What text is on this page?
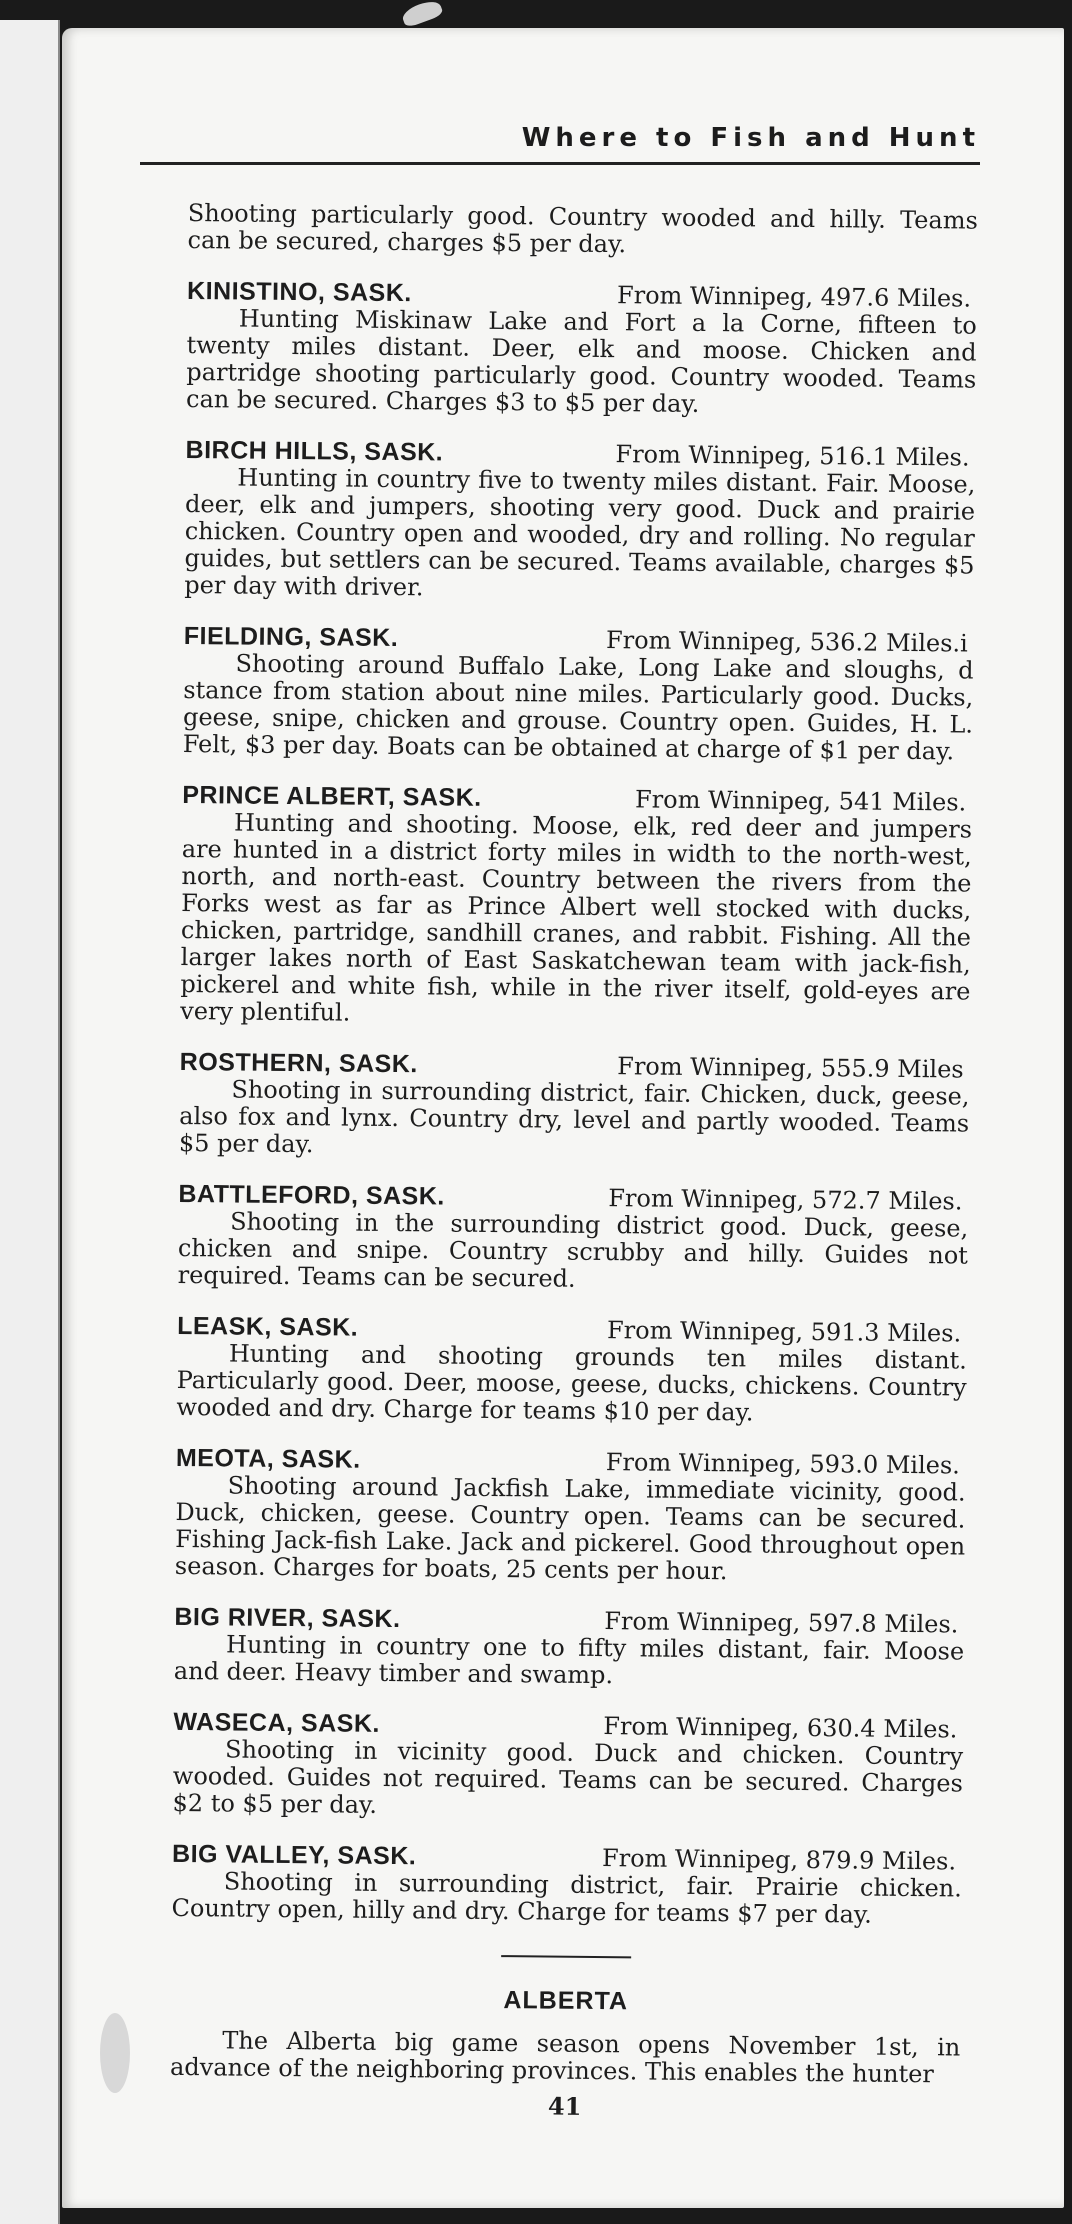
Where to Fish and Hunt

Shooting particularly good. Country wooded and hilly. Teams can be secured, charges $5 per day.

KINISTINO, SASK.	From Winnipeg, 497.6 Miles.

Hunting Miskinaw Lake and Fort a la Corne, fifteen to twenty miles distant. Deer, elk and moose. Chicken and partridge shooting particularly good. Country wooded. Teams can be secured. Charges $3 to $5 per day.

BIRCH HILLS, SASK.	From Winnipeg, 516.1 Miles.

Hunting in country five to twenty miles distant. Fair. Moose, deer, elk and jumpers, shooting very good. Duck and prairie chicken. Country open and wooded, dry and rolling. No regular guides, but settlers can be secured. Teams available, charges $5 per day with driver.

FIELDING, SASK.	From Winnipeg, 536.2 Miles.i

Shooting around Buffalo Lake, Long Lake and sloughs, d stance from station about nine miles. Particularly good. Ducks, geese, snipe, chicken and grouse. Country open. Guides, H. L. Felt, $3 per day. Boats can be obtained at charge of $1 per day.

PRINCE ALBERT, SASK.	From Winnipeg, 541 Miles.

Hunting and shooting. Moose, elk, red deer and jumpers are hunted in a district forty miles in width to the north-west, north, and north-east. Country between the rivers from the Forks west as far as Prince Albert well stocked with ducks, chicken, partridge, sandhill cranes, and rabbit. Fishing. All the larger lakes north of East Saskatchewan team with jack-fish, pickerel and white fish, while in the river itself, gold-eyes are very plentiful.

ROSTHERN, SASK.	From Winnipeg, 555.9 Miles

Shooting in surrounding district, fair. Chicken, duck, geese, also fox and lynx. Country dry, level and partly wooded. Teams $5 per day.

BATTLEFORD, SASK.	From Winnipeg, 572.7 Miles.

Shooting in the surrounding district good. Duck, geese, chicken and snipe. Country scrubby and hilly. Guides not required. Teams can be secured.

LEASK, SASK.	From Winnipeg, 591.3 Miles.

Hunting and shooting grounds ten miles distant. Particularly good. Deer, moose, geese, ducks, chickens. Country wooded and dry. Charge for teams $10 per day.

MEOTA, SASK.	From Winnipeg, 593.0 Miles.

Shooting around Jackfish Lake, immediate vicinity, good. Duck, chicken, geese. Country open. Teams can be secured. Fishing Jack-fish Lake. Jack and pickerel. Good throughout open season. Charges for boats, 25 cents per hour.

BIG RIVER, SASK.	From Winnipeg, 597.8 Miles.

Hunting in country one to fifty miles distant, fair. Moose and deer. Heavy timber and swamp.

WASECA, SASK.	From Winnipeg, 630.4 Miles.

Shooting in vicinity good. Duck and chicken. Country wooded. Guides not required. Teams can be secured. Charges $2 to $5 per day.

BIG VALLEY, SASK.	From Winnipeg, 879.9 Miles.

Shooting in surrounding district, fair. Prairie chicken. Country open, hilly and dry. Charge for teams $7 per day.

ALBERTA

The Alberta big game season opens November 1st, in advance of the neighboring provinces. This enables the hunter

41
